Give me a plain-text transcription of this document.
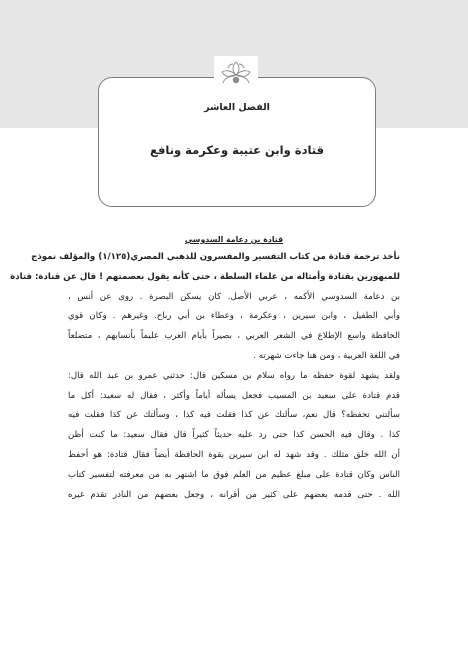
الفصل العاشر
قتادة وابن عتيبة وعكرمة ونافع
قتادة بن دعامة السدوسي
نأخذ ترجمة قتادة من كتاب التفسير والمفسرون للذهبي المصري(١/١٢٥) والمؤلف نموذج
للمبهورين بقتادة وأمثاله من علماء السلطة ، حتى كأنه يقول بعصمتهم ! قال عن قتادة: قتادة
بن دعامة السدوسي الأكمه ، عربي الأصل. كان يسكن البصرة . روى عن أنس ،
وأبي الطفيل ، وابن سيرين ، وعكرمة ، وعطاء بن أبي رباح. وغيرهم . وكان قوي
الحافظة واسع الإطلاع في الشعر العربي ، بصيراً بأيام العرب عليماً بأنسابهم ، متضلعاً
في اللغة العربية ، ومن هنا جاءت شهرته .
ولقد يشهد لقوة حفظه ما رواه سلام بن مسكين قال: حدثني عمرو بن عبد الله قال:
قدم قتادة على سعيد بن المسيب فجعل يسأله أياماً وأكثر ، فقال له سعيد: أكل ما
سألتني تحفظه؟ قال نعم، سألتك عن كذا فقلت فيه كذا ، وسألتك عن كذا فقلت فيه
كذا . وقال فيه الحسن كذا حتى رد عليه حديثاً كثيراً قال فقال سعيد: ما كنت أظن
أن الله خلق مثلك . وقد شهد له ابن سيرين بقوة الحافظة أيضاً فقال قتادة: هو أحفظ
الناس وكان قتادة على مبلغ عظيم من العلم فوق ما اشتهر به من معرفته لتفسير كتاب
الله . حتى قدمه بعضهم على كثير من أقرانه ، وجعل بعضهم من النادر تقدم غيره
